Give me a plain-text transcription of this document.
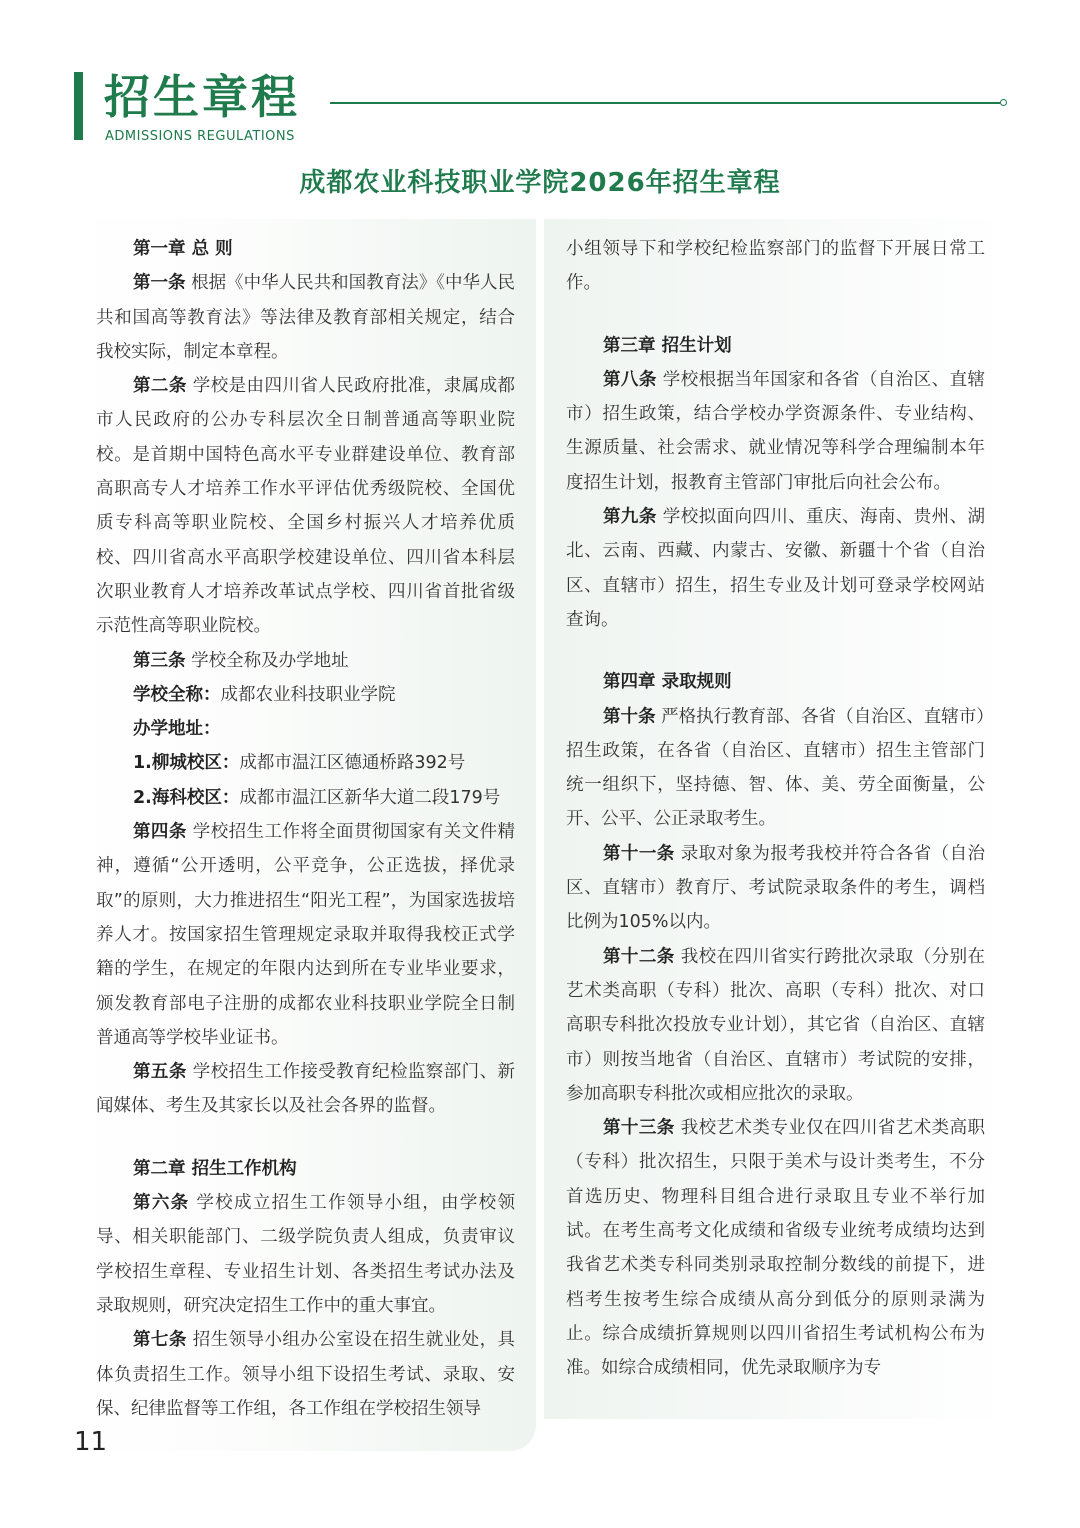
招生章程
ADMISSIONS REGULATIONS
成都农业科技职业学院2026年招生章程

第一章 总 则

第一条 根据《中华人民共和国教育法》《中华人民共和国高等教育法》等法律及教育部相关规定，结合我校实际，制定本章程。

第二条 学校是由四川省人民政府批准，隶属成都市人民政府的公办专科层次全日制普通高等职业院校。是首期中国特色高水平专业群建设单位、教育部高职高专人才培养工作水平评估优秀级院校、全国优质专科高等职业院校、全国乡村振兴人才培养优质校、四川省高水平高职学校建设单位、四川省本科层次职业教育人才培养改革试点学校、四川省首批省级示范性高等职业院校。

第三条 学校全称及办学地址

学校全称：成都农业科技职业学院

办学地址：

1.柳城校区：成都市温江区德通桥路392号

2.海科校区：成都市温江区新华大道二段179号

第四条 学校招生工作将全面贯彻国家有关文件精神，遵循“公开透明，公平竞争，公正选拔，择优录取”的原则，大力推进招生“阳光工程”，为国家选拔培养人才。按国家招生管理规定录取并取得我校正式学籍的学生，在规定的年限内达到所在专业毕业要求，颁发教育部电子注册的成都农业科技职业学院全日制普通高等学校毕业证书。

第五条 学校招生工作接受教育纪检监察部门、新闻媒体、考生及其家长以及社会各界的监督。

第二章 招生工作机构

第六条 学校成立招生工作领导小组，由学校领导、相关职能部门、二级学院负责人组成，负责审议学校招生章程、专业招生计划、各类招生考试办法及录取规则，研究决定招生工作中的重大事宜。

第七条 招生领导小组办公室设在招生就业处，具体负责招生工作。领导小组下设招生考试、录取、安保、纪律监督等工作组，各工作组在学校招生领导

小组领导下和学校纪检监察部门的监督下开展日常工作。

第三章 招生计划

第八条 学校根据当年国家和各省（自治区、直辖市）招生政策，结合学校办学资源条件、专业结构、生源质量、社会需求、就业情况等科学合理编制本年度招生计划，报教育主管部门审批后向社会公布。

第九条 学校拟面向四川、重庆、海南、贵州、湖北、云南、西藏、内蒙古、安徽、新疆十个省（自治区、直辖市）招生，招生专业及计划可登录学校网站查询。

第四章 录取规则

第十条 严格执行教育部、各省（自治区、直辖市）招生政策，在各省（自治区、直辖市）招生主管部门统一组织下，坚持德、智、体、美、劳全面衡量，公开、公平、公正录取考生。

第十一条 录取对象为报考我校并符合各省（自治区、直辖市）教育厅、考试院录取条件的考生，调档比例为105%以内。

第十二条 我校在四川省实行跨批次录取（分别在艺术类高职（专科）批次、高职（专科）批次、对口高职专科批次投放专业计划），其它省（自治区、直辖市）则按当地省（自治区、直辖市）考试院的安排，参加高职专科批次或相应批次的录取。

第十三条 我校艺术类专业仅在四川省艺术类高职（专科）批次招生，只限于美术与设计类考生，不分首选历史、物理科目组合进行录取且专业不举行加试。在考生高考文化成绩和省级专业统考成绩均达到我省艺术类专科同类别录取控制分数线的前提下，进档考生按考生综合成绩从高分到低分的原则录满为止。综合成绩折算规则以四川省招生考试机构公布为准。如综合成绩相同，优先录取顺序为专

11
